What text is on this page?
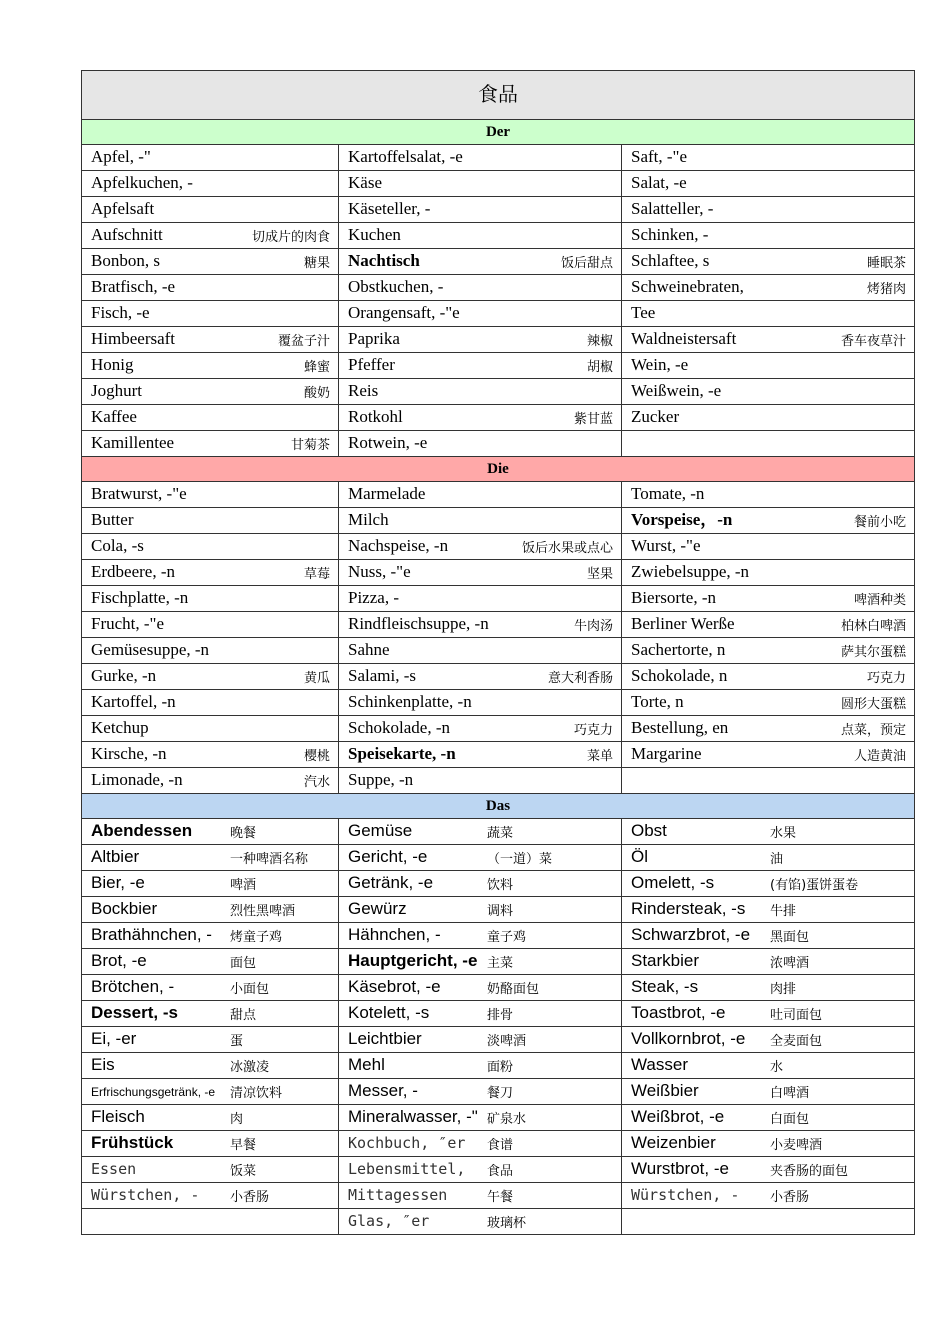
食品		
Der		
Apfel, -"	Kartoffelsalat, -e	Saft, -"e
Apfelkuchen, -	Käse	Salat, -e
Apfelsaft	Käseteller, -	Salatteller, -
Aufschnitt 切成片的肉食	Kuchen	Schinken, -
Bonbon, s 糖果	Nachtisch 饭后甜点	Schlaftee, s 睡眠茶

Bratfisch, -e	Obstkuchen, -	Schweinebraten, 烤猪肉

Fisch, -e	Orangensaft, -"e	Tee
Himbeersaft 覆盆子汁	Paprika 辣椒	Waldneistersaft 香车夜草汁

Honig 蜂蜜	Pfeffer 胡椒	Wein, -e
Joghurt 酸奶	Reis	Weißwein, -e
Kaffee	Rotkohl 紫甘蓝	Zucker
Kamillentee 甘菊茶	Rotwein, -e	
Die		
Bratwurst, -"e	Marmelade	Tomate, -n
Butter	Milch	Vorspeise，-n 餐前小吃

Cola, -s	Nachspeise, -n 饭后水果或点心	Wurst, -"e
Erdbeere, -n 草莓	Nuss, -"e 坚果	Zwiebelsuppe, -n
Fischplatte, -n	Pizza, -	Biersorte, -n 啤酒种类

Frucht, -"e	Rindfleischsuppe, -n 牛肉汤	Berliner Werße 柏林白啤酒

Gemüsesuppe, -n	Sahne	Sachertorte, n 萨其尔蛋糕

Gurke, -n 黄瓜	Salami, -s 意大利香肠	Schokolade, n 巧克力

Kartoffel, -n	Schinkenplatte, -n	Torte, n 圆形大蛋糕

Ketchup	Schokolade, -n 巧克力	Bestellung, en 点菜，预定

Kirsche, -n 樱桃	Speisekarte, -n 菜单	Margarine 人造黄油

Limonade, -n 汽水	Suppe, -n	
Das		
Abendessen 晚餐	Gemüse 蔬菜	Obst 水果

Altbier 一种啤酒名称	Gericht, -e （一道）菜	Öl 油

Bier, -e 啤酒	Getränk, -e 饮料	Omelett, -s (有馅)蛋饼蛋卷

Bockbier 烈性黑啤酒	Gewürz 调料	Rindersteak, -s 牛排

Brathähnchen, - 烤童子鸡	Hähnchen, - 童子鸡	Schwarzbrot, -e 黑面包

Brot, -e 面包	Hauptgericht, -e 主菜	Starkbier 浓啤酒

Brötchen, - 小面包	Käsebrot, -e 奶酪面包	Steak, -s 肉排

Dessert, -s 甜点	Kotelett, -s 排骨	Toastbrot, -e 吐司面包

Ei, -er 蛋	Leichtbier 淡啤酒	Vollkornbrot, -e 全麦面包

Eis 冰激凌	Mehl 面粉	Wasser 水

Erfrischungsgetränk, -e 清凉饮料	Messer, - 餐刀	Weißbier 白啤酒

Fleisch 肉	Mineralwasser, -" 矿泉水	Weißbrot, -e 白面包

Frühstück 早餐	Kochbuch, ″er 食谱	Weizenbier 小麦啤酒

Essen 饭菜	Lebensmittel, 食品	Wurstbrot, -e 夹香肠的面包

Würstchen, - 小香肠	Mittagessen 午餐	Würstchen, - 小香肠

	Glas, ″er 玻璃杯	
